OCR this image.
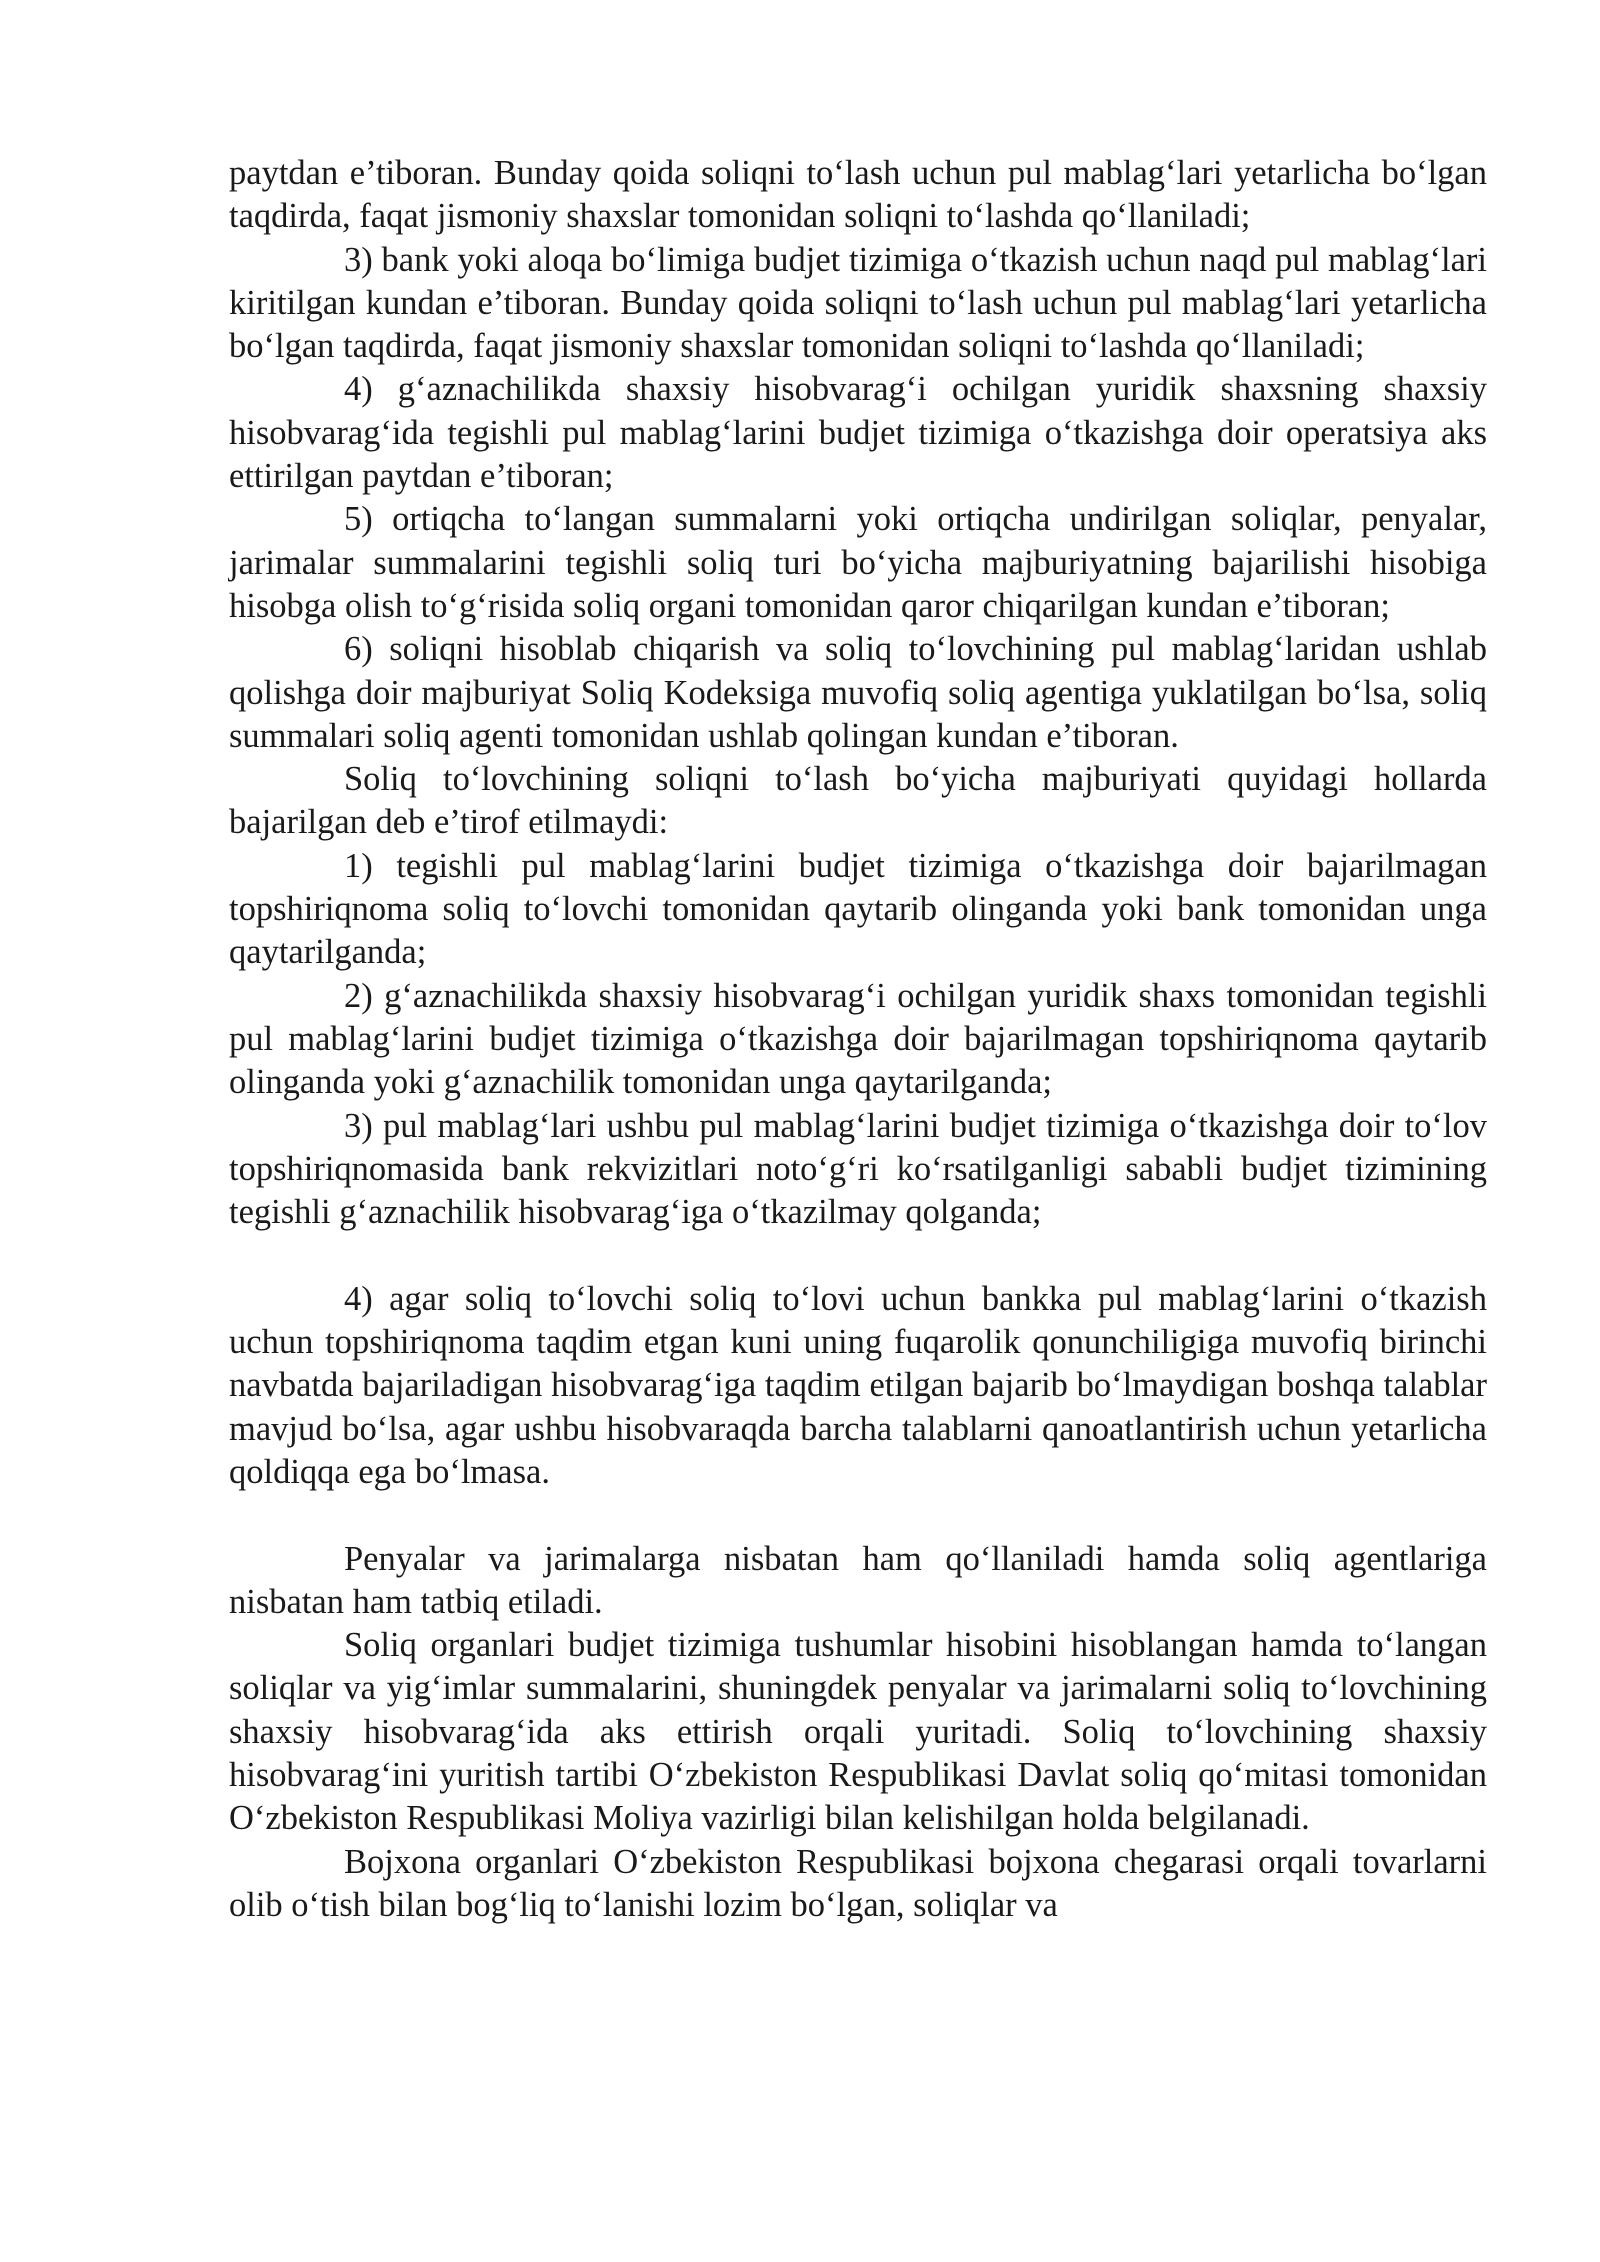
paytdan e’tiboran. Bunday qoida soliqni to‘lash uchun pul mablag‘lari yetarlicha bo‘lgan taqdirda, faqat jismoniy shaxslar tomonidan soliqni to‘lashda qo‘llaniladi;

3) bank yoki aloqa bo‘limiga budjet tizimiga o‘tkazish uchun naqd pul mablag‘lari kiritilgan kundan e’tiboran. Bunday qoida soliqni to‘lash uchun pul mablag‘lari yetarlicha bo‘lgan taqdirda, faqat jismoniy shaxslar tomonidan soliqni to‘lashda qo‘llaniladi;

4) g‘aznachilikda shaxsiy hisobvarag‘i ochilgan yuridik shaxsning shaxsiy hisobvarag‘ida tegishli pul mablag‘larini budjet tizimiga o‘tkazishga doir operatsiya aks ettirilgan paytdan e’tiboran;

5) ortiqcha to‘langan summalarni yoki ortiqcha undirilgan soliqlar, penyalar, jarimalar summalarini tegishli soliq turi bo‘yicha majburiyatning bajarilishi hisobiga hisobga olish to‘g‘risida soliq organi tomonidan qaror chiqarilgan kundan e’tiboran;

6) soliqni hisoblab chiqarish va soliq to‘lovchining pul mablag‘laridan ushlab qolishga doir majburiyat Soliq Kodeksiga muvofiq soliq agentiga yuklatilgan bo‘lsa, soliq summalari soliq agenti tomonidan ushlab qolingan kundan e’tiboran.

Soliq to‘lovchining soliqni to‘lash bo‘yicha majburiyati quyidagi hollarda bajarilgan deb e’tirof etilmaydi:

1) tegishli pul mablag‘larini budjet tizimiga o‘tkazishga doir bajarilmagan topshiriqnoma soliq to‘lovchi tomonidan qaytarib olinganda yoki bank tomonidan unga qaytarilganda;

2) g‘aznachilikda shaxsiy hisobvarag‘i ochilgan yuridik shaxs tomonidan tegishli pul mablag‘larini budjet tizimiga o‘tkazishga doir bajarilmagan topshiriqnoma qaytarib olinganda yoki g‘aznachilik tomonidan unga qaytarilganda;

3) pul mablag‘lari ushbu pul mablag‘larini budjet tizimiga o‘tkazishga doir to‘lov topshiriqnomasida bank rekvizitlari noto‘g‘ri ko‘rsatilganligi sababli budjet tizimining tegishli g‘aznachilik hisobvarag‘iga o‘tkazilmay qolganda;

4) agar soliq to‘lovchi soliq to‘lovi uchun bankka pul mablag‘larini o‘tkazish uchun topshiriqnoma taqdim etgan kuni uning fuqarolik qonunchiligiga muvofiq birinchi navbatda bajariladigan hisobvarag‘iga taqdim etilgan bajarib bo‘lmaydigan boshqa talablar mavjud bo‘lsa, agar ushbu hisobvaraqda barcha talablarni qanoatlantirish uchun yetarlicha qoldiqqa ega bo‘lmasa.

Penyalar va jarimalarga nisbatan ham qo‘llaniladi hamda soliq agentlariga nisbatan ham tatbiq etiladi.

Soliq organlari budjet tizimiga tushumlar hisobini hisoblangan hamda to‘langan soliqlar va yig‘imlar summalarini, shuningdek penyalar va jarimalarni soliq to‘lovchining shaxsiy hisobvarag‘ida aks ettirish orqali yuritadi. Soliq to‘lovchining shaxsiy hisobvarag‘ini yuritish tartibi O‘zbekiston Respublikasi Davlat soliq qo‘mitasi tomonidan O‘zbekiston Respublikasi Moliya vazirligi bilan kelishilgan holda belgilanadi.

Bojxona organlari O‘zbekiston Respublikasi bojxona chegarasi orqali tovarlarni olib o‘tish bilan bog‘liq to‘lanishi lozim bo‘lgan, soliqlar va
